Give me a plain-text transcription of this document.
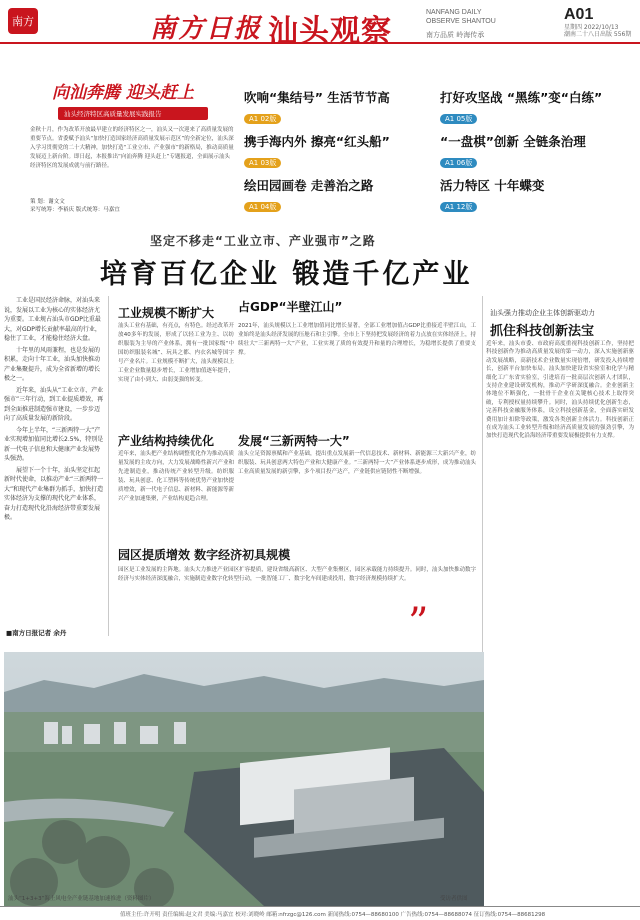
南方	南方日报 汕头观察
NANFANG DAILY
OBSERVE SHANTOU
南方品质 岭海传承
A01
星期四 2022/10/13
潮南二十八日出版 556期
向汕奔腾 迎头赶上
汕头经济特区高质量发展实践报告
金秋十月，作为改革开放最早建立的经济特区之一，汕头又一次迎来了高质量发展的重要节点。省委赋予汕头“加快打造国家经济高质量发展示范区”的全新定位，汕头深入学习贯彻党的二十大精神，加快打造“工业立市、产业强市”的新格局，推动高质量发展迈上新台阶。即日起，本报推出“向汕奔腾 迎头赶上”专题报道，全面展示汕头经济特区的发展成就与前行路径。
策 划：谢文文
采写统筹：李裕庆 版式统筹：马嘉宜
吹响“集结号” 生活节节高
A1 02版
打好攻坚战 “黑练”变“白练”
A1 05版
携手海内外 擦亮“红头船”
A1 03版
“一盘棋”创新 全链条治理
A1 06版
绘田园画卷 走善治之路
A1 04版
活力特区 十年蝶变
A1 12版
坚定不移走“工业立市、产业强市”之路
培育百亿企业 锻造千亿产业

工业是国民经济命脉，对汕头来说，发展以工业为核心的实体经济尤为重要。工业规占汕头市GDP比重最大，对GDP增长贡献率最高的行业，稳住了工业，才能稳住经济大盘。

十年里的风雨兼程，也是发展的积累，走向十年工业，汕头加快推动产业集聚提升，成为全省新增的增长极之一。

近年来，汕头从“工业立市、产业强市”三年行动，到工业提质增效，再到全面推进制造强市建设，一步步迈向了高质量发展的新阶段。

今年上半年，“三新两特一大”产业实现增加值同比增长2.5%，特别是新一代电子信息和大健康产业发展势头强劲。

展望下一个十年，汕头坚定扛起新时代使命，以推动产业“三新两特一大”和现代产业集群为抓手，加快打造实体经济为支撑的现代化产业体系，奋力打造现代化沿海经济带重要发展极。

■南方日报记者 余丹
工业规模不断扩大
汕头工业有基础，有亮点，有特色。经过改革开放40多年的发展，形成了以轻工业为主、以纺织服装为主导的产业体系，拥有一批国家级“中国纺织服装名城”、玩具之都、内衣名城等国字号产业名片。工业规模不断扩大，汕头规模以上工业企业数量稳步增长，工业增加值逐年提升，实现了由小到大、由弱变强的转变。
占GDP“半壁江山”
2021年，汕头规模以上工业增加值同比增长显著，全部工业增加值占GDP比重接近半壁江山，工业始终是汕头经济发展的压舱石和主引擎。全市上下坚持把发展经济的着力点放在实体经济上，持续壮大“三新两特一大”产业，工业实现了质的有效提升和量的合理增长，为稳增长提供了重要支撑。
产业结构持续优化
近年来，汕头把产业结构调整优化作为推动高质量发展的主攻方向，大力发展战略性新兴产业和先进制造业，推动传统产业转型升级。纺织服装、玩具创意、化工塑料等传统优势产业加快提质增效，新一代电子信息、新材料、新能源等新兴产业加速集聚，产业结构更趋合理。
发展“三新两特一大”
汕头立足资源禀赋和产业基础，提出重点发展新一代信息技术、新材料、新能源三大新兴产业，纺织服装、玩具创意两大特色产业和大健康产业。“三新两特一大”产业体系逐步成形，成为推动汕头工业高质量发展的新引擎，多个项目投产达产，产业链供应链韧性不断增强。
园区提质增效 数字经济初具规模
园区是工业发展的主阵地。汕头大力推进产业园区扩容提质，建设省级高新区、大型产业集聚区，园区承载能力持续提升。同时，汕头加快推动数字经济与实体经济深度融合，实施制造业数字化转型行动，一批智能工厂、数字化车间建成投用，数字经济规模持续扩大。
”
汕头强力推动企业主体创新驱动力
抓住科技创新法宝
近年来，汕头市委、市政府高度重视科技创新工作，坚持把科技创新作为推动高质量发展的第一动力，深入实施创新驱动发展战略，高新技术企业数量实现倍增，研发投入持续增长，创新平台加快布局。汕头加快建设省实验室和化学与精细化工广东省实验室，引进培育一批高层次创新人才团队，支持企业建设研发机构，推动产学研深度融合。企业创新主体地位不断强化，一批骨干企业在关键核心技术上取得突破，专利授权量持续攀升。同时，汕头持续优化创新生态，完善科技金融服务体系，设立科技创新基金，全面落实研发费用加计扣除等政策，激发各类创新主体活力。科技创新正在成为汕头工业转型升级和经济高质量发展的强劲引擎，为加快打造现代化沿海经济带重要发展极提供有力支撑。
汕头“1+3+3”海上风电全产业链基地加速推进（资料图片）	受访者供图
值班主任:许开明 责任编辑:赵文君 美编:马嘉宜 校对:刘晓岭 邮箱:nfrzgc@126.com 新闻热线:0754—88680100 广告热线:0754—88688074 征订热线:0754—88681298
